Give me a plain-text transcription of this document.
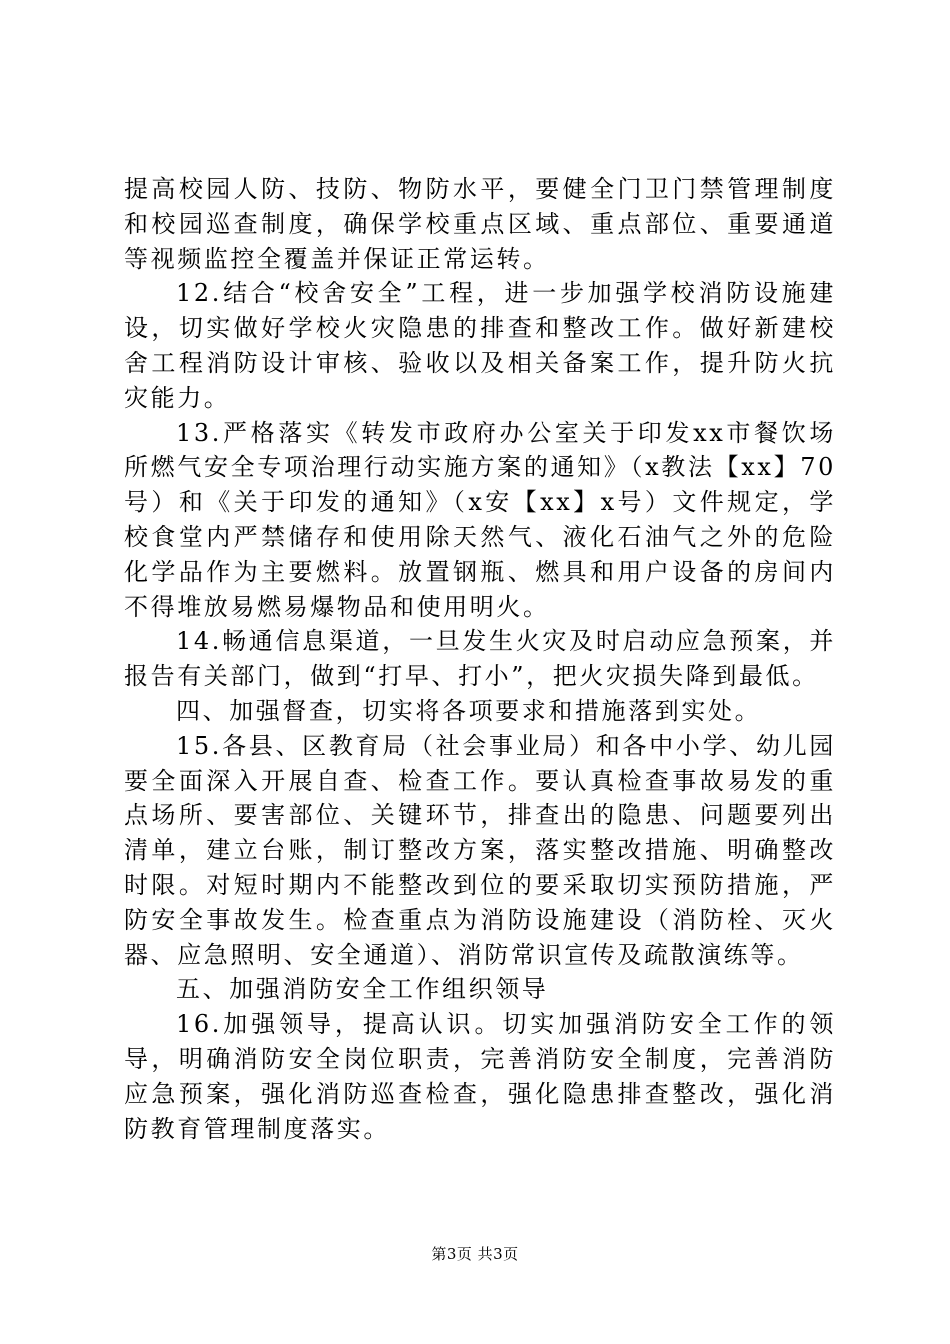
提高校园人防、技防、物防水平，要健全门卫门禁管理制度和校园巡查制度，确保学校重点区域、重点部位、重要通道等视频监控全覆盖并保证正常运转。

12.结合“校舍安全”工程，进一步加强学校消防设施建设，切实做好学校火灾隐患的排查和整改工作。做好新建校舍工程消防设计审核、验收以及相关备案工作，提升防火抗灾能力。

13.严格落实《转发市政府办公室关于印发xx市餐饮场所燃气安全专项治理行动实施方案的通知》（x教法【xx】70号）和《关于印发的通知》（x安【xx】x号）文件规定，学校食堂内严禁储存和使用除天然气、液化石油气之外的危险化学品作为主要燃料。放置钢瓶、燃具和用户设备的房间内不得堆放易燃易爆物品和使用明火。

14.畅通信息渠道，一旦发生火灾及时启动应急预案，并报告有关部门，做到“打早、打小”，把火灾损失降到最低。

四、加强督查，切实将各项要求和措施落到实处。

15.各县、区教育局（社会事业局）和各中小学、幼儿园要全面深入开展自查、检查工作。要认真检查事故易发的重点场所、要害部位、关键环节，排查出的隐患、问题要列出清单，建立台账，制订整改方案，落实整改措施、明确整改时限。对短时期内不能整改到位的要采取切实预防措施，严防安全事故发生。检查重点为消防设施建设（消防栓、灭火器、应急照明、安全通道）、消防常识宣传及疏散演练等。

五、加强消防安全工作组织领导

16.加强领导，提高认识。切实加强消防安全工作的领导，明确消防安全岗位职责，完善消防安全制度，完善消防应急预案，强化消防巡查检查，强化隐患排查整改，强化消防教育管理制度落实。

第3页 共3页
